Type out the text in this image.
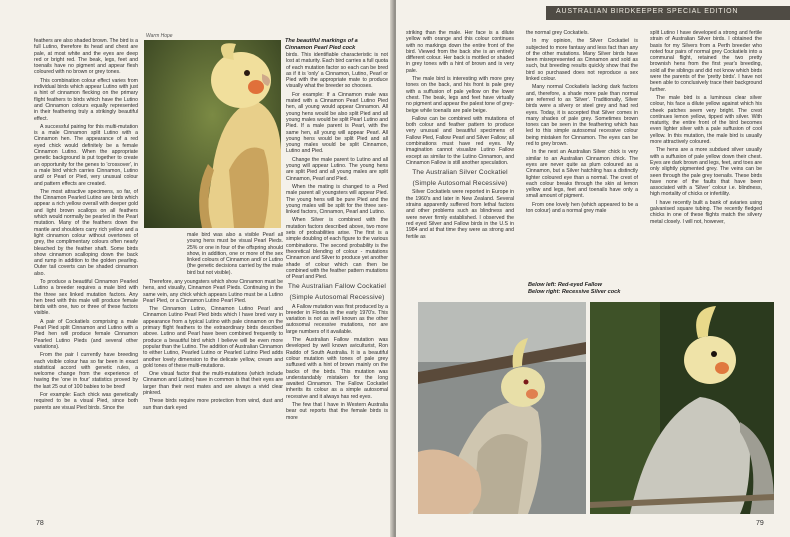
Warm Hope

feathers are also shaded brown. The bird is a full Lutino, therefore its head and chest are pale, at most white and the eyes are deep red or bright red. The beak, legs, feet and toenails have no pigment and appear flesh coloured with no brown or grey tones.

This combination colour effect varies from individual birds which appear Lutino with just a hint of cinnamon flecking on the primary flight feathers to birds which have the Lutino and Cinnamon colours equally represented in their feathering truly a strikingly beautiful effect.

A successful pairing for this multi-mutation is a male Cinnamon split Lutino with a Cinnamon hen. The appearance of a red eyed chick would definitely be a female Cinnamon Lutino. When the appropriate genetic background is put together to create an opportunity for the genes to 'crossover', in a male bird which carries Cinnamon, Lutino and/ or Pearl or Pied, very unusual colour and pattern effects are created.

The most attractive specimens, so far, of the Cinnamon Pearled Lutino are birds which appear a rich yellow overall with deeper gold and light brown scallops on all feathers which would normally be pearled in the Pearl mutation. Many of the feathers down the mantle and shoulders carry rich yellow and a light cinnamon colour without overtones of grey, the complimentary colours often nearly bleached by the feather shaft. Some birds show cinnamon scalloping down the back and rump in addition to the golden pearling. Outer tail coverts can be shaded cinnamon also.

To produce a beautiful Cinnamon Pearled Lutino a breeder requires a male bird with the three sex linked mutation factors. Any hen bred with this male will produce female birds with one, two or three of these factors visible.

A pair of Cockatiels comprising a male Pearl Pied split Cinnamon and Lutino with a Pied hen will produce female Cinnamon Pearled Lutino Pieds (and several other variations).

From the pair I currently have breeding each visible colour has so far been in exact statistical accord with genetic rules, a welcome change from the experience of having the 'one in four' statistics proved by the last 25 out of 100 babies to be bred!

For example: Each chick was genetically required to be a visual Pied, since both parents are visual Pied birds. Since the

The beautiful markings of a Cinnamon Pearl Pied cock

male bird was also a visible Pearl all young hens must be visual Pearl Pieds. 25% or one in four of the offspring should show, in addition, one or more of the sex linked colours of Cinnamon and/ or Lutino (the genetic decisions carried by the male bird but not visible).

Therefore, any youngsters which show Cinnamon must be hens, and visually, Cinnamon Pearl Pieds. Continuing in the same vein, any chick which appears Lutino must be a Lutino Pearl Pied, or a Cinnamon Lutino Pearl Pied.

The Cinnamon Lutino, Cinnamon Lutino Pearl and Cinnamon Lutino Pearl Pied birds which I have bred vary in appearance from a typical Lutino with pale cinnamon on the primary flight feathers to the extraordinary birds described above. Lutino and Pearl have been combined frequently to produce a beautiful bird which I believe will be even more popular than the Lutino. The addition of Australian Cinnamon to either Lutino, Pearled Lutino or Pearled Lutino Pied adds another lovely dimension to the delicate yellow, cream and gold tones of these multi-mutations.

One visual factor that the multi-mutations (which include Cinnamon and Lutino) have in common is that their eyes are larger than their nest mates and are always a vivid clear pinkred.

These birds require more protection from wind, dust and sun than dark eyed

birds. This identifiable characteristic is not lost at maturity. Each bird carries a full quota of each mutation factor so each can be bred as if it is 'only' a Cinnamon, Lutino, Pearl or Pied with the appropriate mate to produce visually what the breeder so chooses.

For example: If a Cinnamon male was mated with a Cinnamon Pearl Lutino Pied hen, all young would appear Cinnamon. All young hens would be also split Pied and all young males would be split Pearl Lutino and Pied. If a male parent is Pearl, with the same hen, all young will appear Pearl. All young hens would be split Pied and all young males would be split Cinnamon, Lutino and Pied.

Change the male parent to Lutino and all young will appear Lutino. The young hens are split Pied and all young males are split Cinnamon, Pearl and Pied.

When the mating is changed to a Pied male parent all youngsters will appear Pied. The young hens will be pure Pied and the young males will be split for the three sex-linked factors, Cinnamon, Pearl and Lutino.

When Silver is combined with the mutation factors described above, two more sets of probabilities arise. The first is a simple doubling of each figure to the various combinations. The second probability is the theoretical blending of colour - mutations Cinnamon and Silver to produce yet another shade of colour which can then be combined with the feather pattern mutations of Pearl and Pied.

The Australian Fallow Cockatiel
(Simple Autosomal Recessive)

A Fallow mutation was first produced by a breeder in Florida in the early 1970's. This variation is not as well known as the other autosomal recessive mutations, nor are large numbers of it available.

The Australian Fallow mutation was developed by well known aviculturist, Ron Raddo of South Australia. It is a beautiful colour mutation with tones of pale grey suffused with a hint of brown mainly on the backs of the birds. This mutation was understandably mistaken for the long awaited Cinnamon. The Fallow Cockatiel inherits its colour as a simple autosomal recessive and it always has red eyes.

The few that I have in Western Australia bear out reports that the female birds is more

78
AUSTRALIAN BIRDKEEPER SPECIAL EDITION

striking than the male. Her face is a dilute yellow with orange and this colour continues with no markings down the entire front of the bird. Viewed from the back she is an entirely different colour. Her back is mottled or shaded in grey tones with a hint of brown and is very pale.

The male bird is interesting with more grey tones on the back, and his front is pale grey with a suffusion of pale yellow on the lower chest. The beak, legs and feet have virtually no pigment and appear the palest tone of grey-beige while toenails are pale beige.

Fallow can be combined with mutations of both colour and feather pattern to produce very unusual and beautiful specimens of Fallow Pied, Fallow Pearl and Silver Fallow; all combinations must have red eyes. My imagination cannot visualize Lutino Fallow except as similar to the Lutino Cinnamon, and Cinnamon Fallow is still another speculation.

The Australian Silver Cockatiel
(Simple Autosomal Recessive)

Silver Cockatiels were reported in Europe in the 1960's and later in New Zealand. Several strains apparently suffered from lethal factors and other problems such as blindness and were never firmly established. I observed the red eyed Silver and Fallow birds in the U.S in 1984 and at that time they were as strong and fertile as

the normal grey Cockatiels.

In my opinion, the Silver Cockatiel is subjected to more fantasy and less fact than any of the other mutations. Many Silver birds have been misrepresented as Cinnamon and sold as such, but breeding results quickly show that the bird so purchased does not reproduce a sex linked colour.

Many normal Cockatiels lacking dark factors and, therefore, a shade more pale than normal are referred to as 'Silver'. Traditionally, Silver birds were a silvery or steel grey and had red eyes. Today, it is accepted that Silver comes in many shades of pale grey. Sometimes brown tones can be seen in the feathering which has led to this simple autosomal recessive colour being mistaken for Cinnamon. The eyes can be red to grey brown.

In the nest an Australian Silver chick is very similar to an Australian Cinnamon chick. The eyes are never quite as plum coloured as a Cinnamon, but a Silver hatchling has a distinctly lighter coloured eye than a normal. The crest of each colour breaks through the skin at lemon yellow and legs, feet and toenails have only a small amount of pigment.

From one lovely hen (which appeared to be a ton colour) and a normal grey male

Below left: Red-eyed Fallow
Below right: Recessive Silver cock

split Lutino I have developed a strong and fertile strain of Australian Silver birds. I obtained the basis for my Silvers from a Perth breeder who noted four pairs of normal grey Cockatiels into a communal flight, retained the two pretty brownish hens from the first year's breeding, sold all the siblings and did not know which birds were the parents of the 'pretty birds'. I have not been able to conclusively trace their background further.

The male bird is a luminous clear silver colour, his face a dilute yellow against which his cheek patches seem very bright. The crest continues lemon yellow, tipped with silver. With maturity, the entire front of the bird becomes even lighter silver with a pale suffusion of cool yellow. In this mutation, the male bird is usually more attractively coloured.

The hens are a more subdued silver usually with a suffusion of pale yellow down their chest. Eyes are dark brown and legs, feet, and toes are only slightly pigmented grey. The veins can be seen through the pale grey toenails. These birds have none of the faults that have been associated with a 'Silver' colour i.e. blindness, high mortality of chicks or infertility.

I have recently built a bank of aviaries using galvanised square tubing. The recently fledged chicks in one of these flights match the silvery metal closely. I will not, however,

79
